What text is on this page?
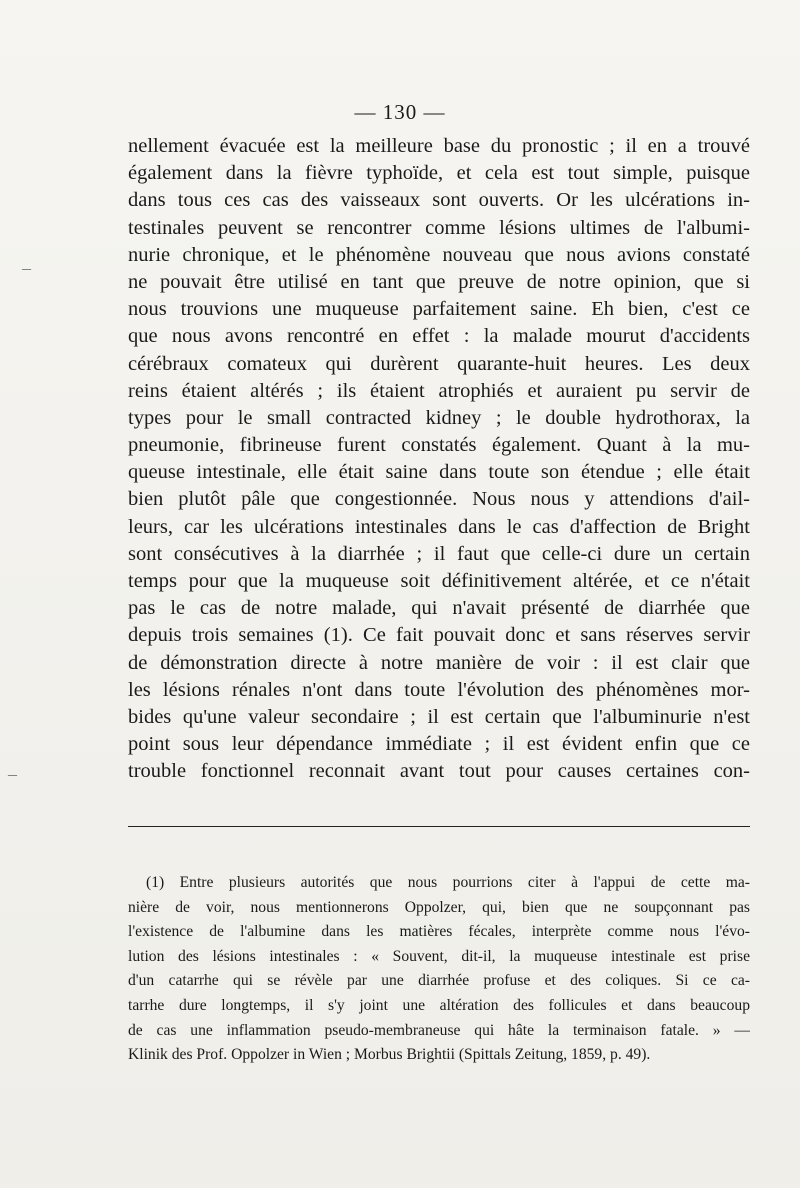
— 130 —
–
–
nellement évacuée est la meilleure base du pronostic ; il en a trouvé
également dans la fièvre typhoïde, et cela est tout simple, puisque
dans tous ces cas des vaisseaux sont ouverts. Or les ulcérations in-
testinales peuvent se rencontrer comme lésions ultimes de l'albumi-
nurie chronique, et le phénomène nouveau que nous avions constaté
ne pouvait être utilisé en tant que preuve de notre opinion, que si
nous trouvions une muqueuse parfaitement saine. Eh bien, c'est ce
que nous avons rencontré en effet : la malade mourut d'accidents
cérébraux comateux qui durèrent quarante-huit heures. Les deux
reins étaient altérés ; ils étaient atrophiés et auraient pu servir de
types pour le small contracted kidney ; le double hydrothorax, la
pneumonie, fibrineuse furent constatés également. Quant à la mu-
queuse intestinale, elle était saine dans toute son étendue ; elle était
bien plutôt pâle que congestionnée. Nous nous y attendions d'ail-
leurs, car les ulcérations intestinales dans le cas d'affection de Bright
sont consécutives à la diarrhée ; il faut que celle-ci dure un certain
temps pour que la muqueuse soit définitivement altérée, et ce n'était
pas le cas de notre malade, qui n'avait présenté de diarrhée que
depuis trois semaines (1). Ce fait pouvait donc et sans réserves servir
de démonstration directe à notre manière de voir : il est clair que
les lésions rénales n'ont dans toute l'évolution des phénomènes mor-
bides qu'une valeur secondaire ; il est certain que l'albuminurie n'est
point sous leur dépendance immédiate ; il est évident enfin que ce
trouble fonctionnel reconnait avant tout pour causes certaines con-
(1) Entre plusieurs autorités que nous pourrions citer à l'appui de cette ma-
nière de voir, nous mentionnerons Oppolzer, qui, bien que ne soupçonnant pas
l'existence de l'albumine dans les matières fécales, interprète comme nous l'évo-
lution des lésions intestinales : « Souvent, dit-il, la muqueuse intestinale est prise
d'un catarrhe qui se révèle par une diarrhée profuse et des coliques. Si ce ca-
tarrhe dure longtemps, il s'y joint une altération des follicules et dans beaucoup
de cas une inflammation pseudo-membraneuse qui hâte la terminaison fatale. » —
Klinik des Prof. Oppolzer in Wien ; Morbus Brightii (Spittals Zeitung, 1859, p. 49).
